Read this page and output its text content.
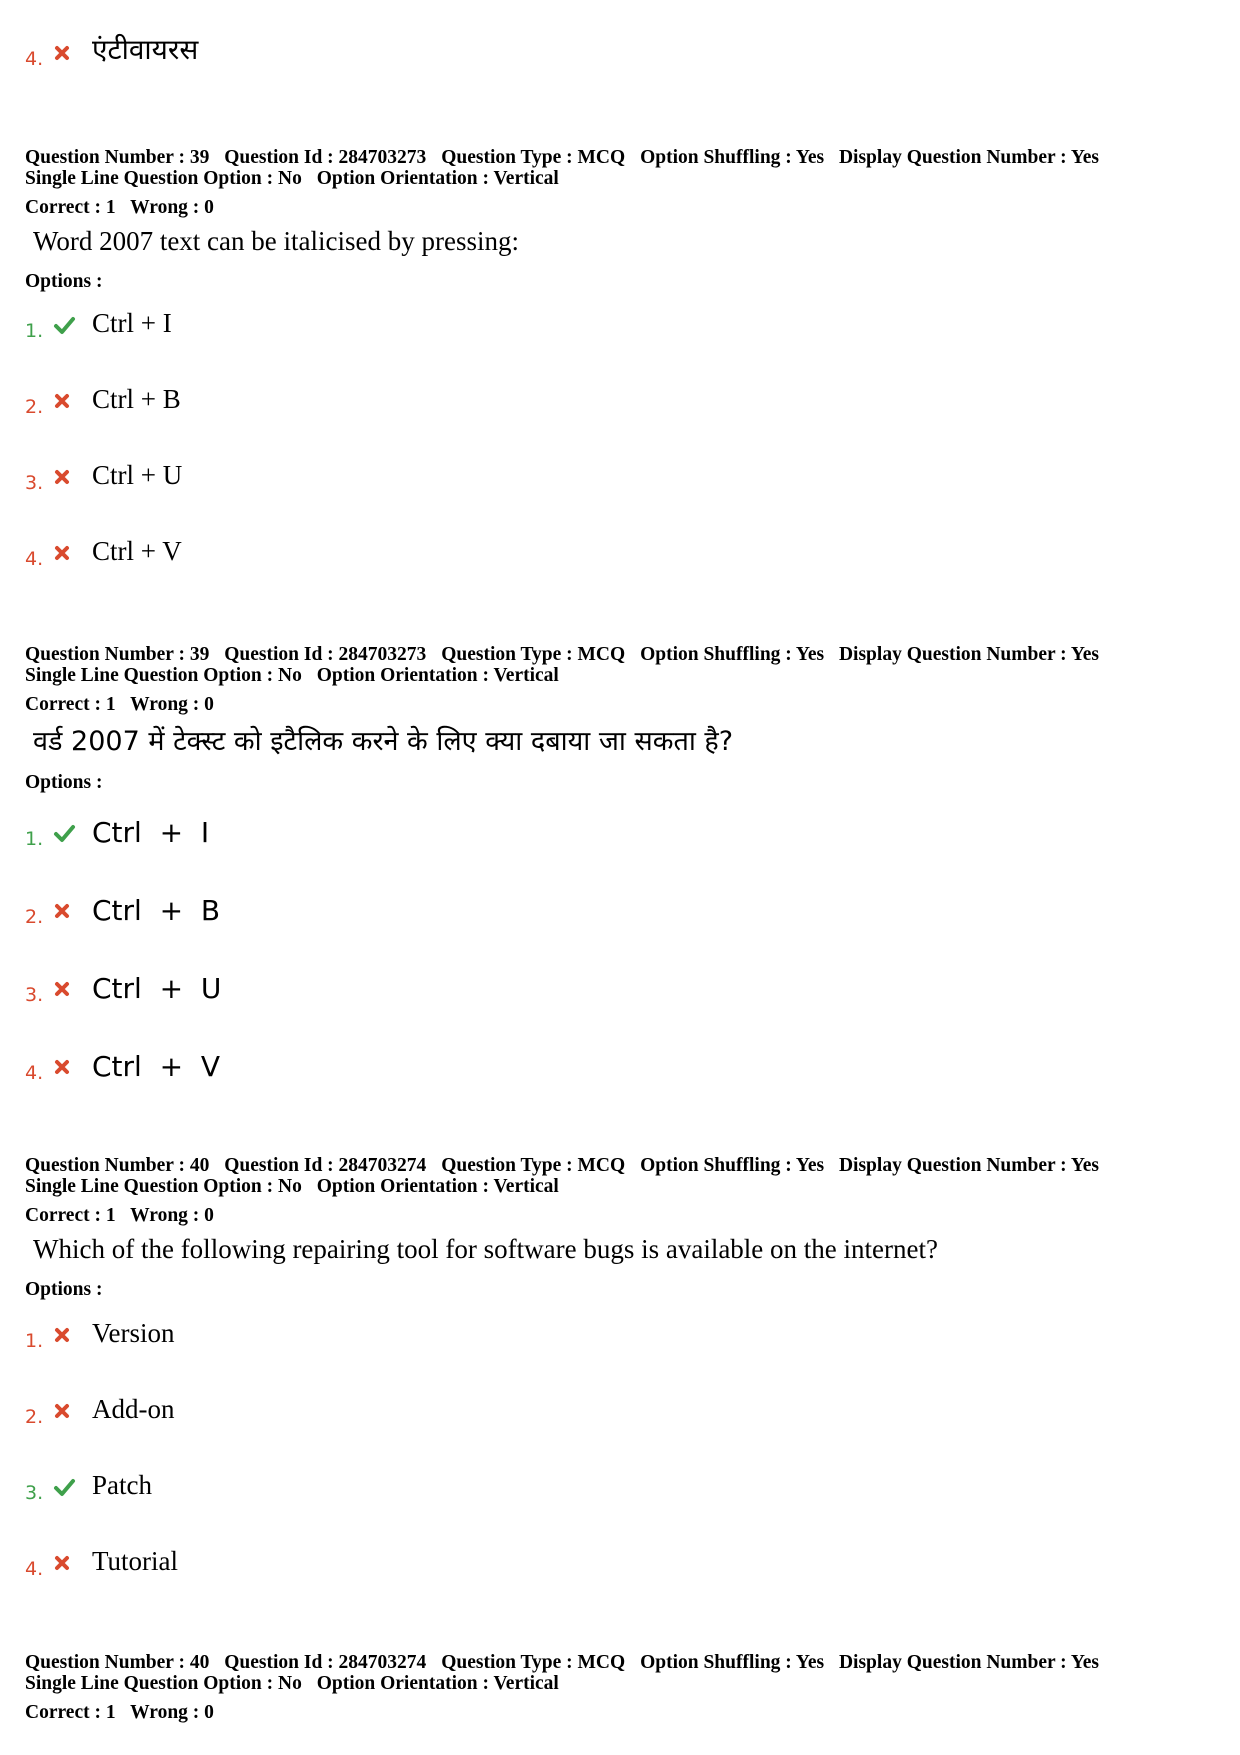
4. एंटीवायरस

Question Number : 39 Question Id : 284703273 Question Type : MCQ Option Shuffling : Yes Display Question Number : Yes
Single Line Question Option : No Option Orientation : Vertical

Correct : 1 Wrong : 0

Word 2007 text can be italicised by pressing:

Options :

1. Ctrl + I
2. Ctrl + B
3. Ctrl + U
4. Ctrl + V

Question Number : 39 Question Id : 284703273 Question Type : MCQ Option Shuffling : Yes Display Question Number : Yes
Single Line Question Option : No Option Orientation : Vertical

Correct : 1 Wrong : 0

वर्ड 2007 में टेक्स्ट को इटैलिक करने के लिए क्या दबाया जा सकता है?

Options :

1. Ctrl  +  I
2. Ctrl  +  B
3. Ctrl  +  U
4. Ctrl  +  V

Question Number : 40 Question Id : 284703274 Question Type : MCQ Option Shuffling : Yes Display Question Number : Yes
Single Line Question Option : No Option Orientation : Vertical

Correct : 1 Wrong : 0

Which of the following repairing tool for software bugs is available on the internet?

Options :

1. Version
2. Add-on
3. Patch
4. Tutorial

Question Number : 40 Question Id : 284703274 Question Type : MCQ Option Shuffling : Yes Display Question Number : Yes
Single Line Question Option : No Option Orientation : Vertical

Correct : 1 Wrong : 0
